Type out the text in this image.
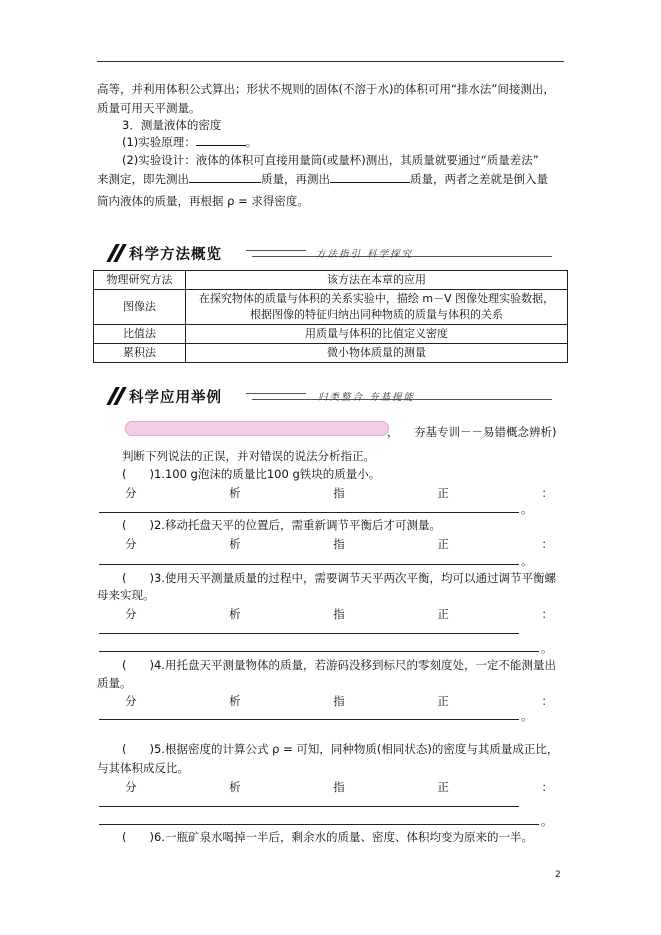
高等，并利用体积公式算出；形状不规则的固体(不溶于水)的体积可用“排水法”间接测出，
质量可用天平测量。
3．测量液体的密度
(1)实验原理：	。
(2)实验设计：液体的体积可直接用量筒(或量杯)测出，其质量就要通过“质量差法”
来测定，即先测出	质量，再测出	质量，两者之差就是倒入量
筒内液体的质量，再根据 ρ = 求得密度。
科学方法概览	方法指引 科学探究
物理研究方法	该方法在本章的应用
图像法	在探究物体的质量与体积的关系实验中，描绘 m－V 图像处理实验数据，
根据图像的特征归纳出同种物质的质量与体积的关系

比值法	用质量与体积的比值定义密度
累积法	微小物体质量的测量
科学应用举例	归类整合 夯基提能
， 夯基专训－－易错概念辨析)
判断下列说法的正误，并对错误的说法分析指正。
(　　)1.100 g泡沫的质量比100 g铁块的质量小。
分	析	指	正	：
。
(　　)2.移动托盘天平的位置后，需重新调节平衡后才可测量。
分	析	指	正	：
。
(　　)3.使用天平测量质量的过程中，需要调节天平两次平衡，均可以通过调节平衡螺
母来实现。
分	析	指	正	：
。
(　　)4.用托盘天平测量物体的质量，若游码没移到标尺的零刻度处，一定不能测量出
质量。
分	析	指	正	：
。
(　　)5.根据密度的计算公式 ρ = 可知，同种物质(相同状态)的密度与其质量成正比，
与其体积成反比。
分	析	指	正	：
。
(　　)6.一瓶矿泉水喝掉一半后，剩余水的质量、密度、体积均变为原来的一半。
2
